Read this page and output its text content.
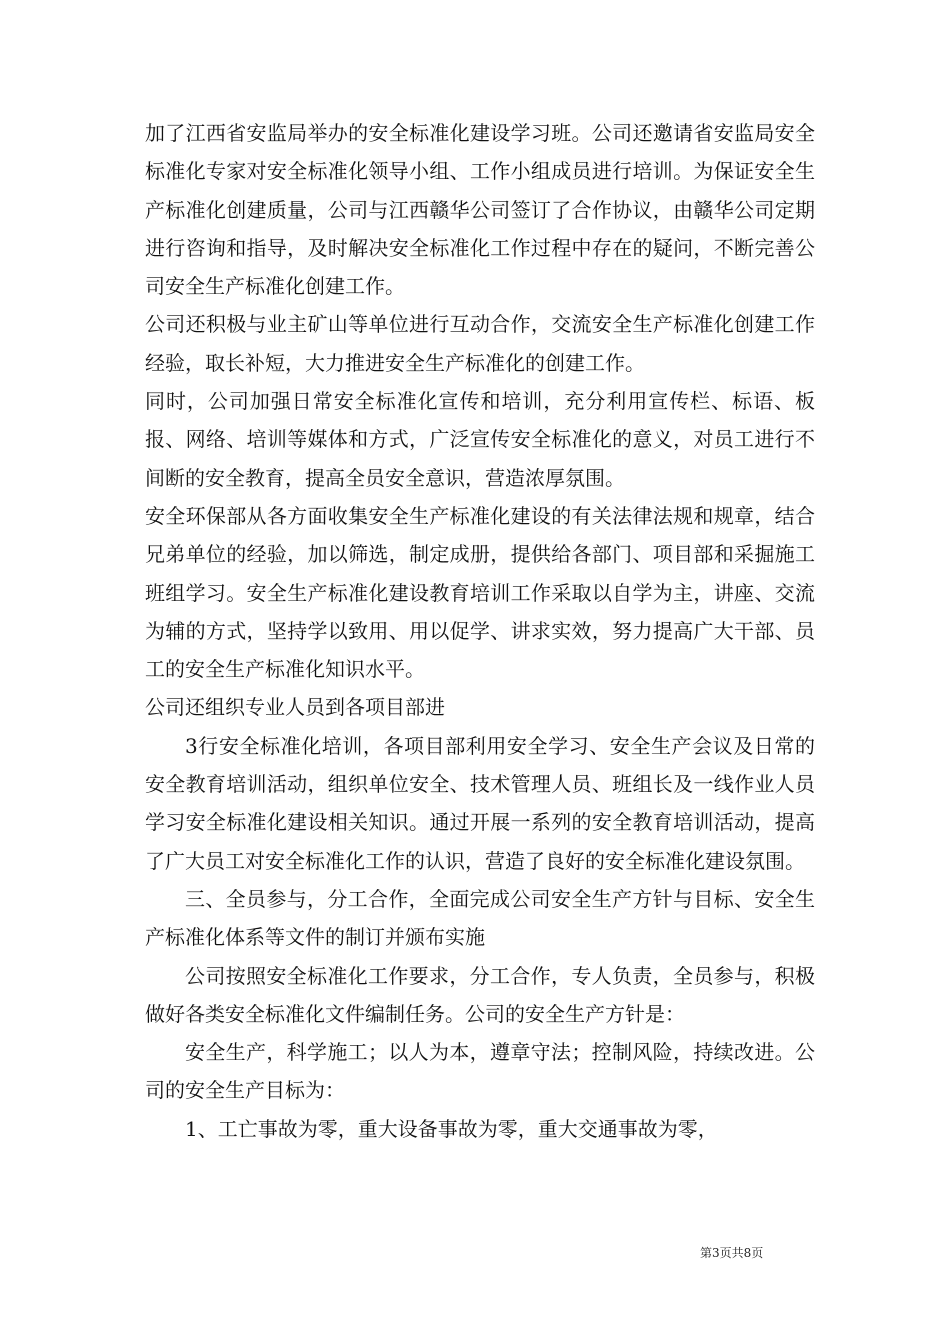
加了江西省安监局举办的安全标准化建设学习班。公司还邀请省安监局安全标准化专家对安全标准化领导小组、工作小组成员进行培训。为保证安全生产标准化创建质量，公司与江西赣华公司签订了合作协议，由赣华公司定期进行咨询和指导，及时解决安全标准化工作过程中存在的疑问，不断完善公司安全生产标准化创建工作。

公司还积极与业主矿山等单位进行互动合作，交流安全生产标准化创建工作经验，取长补短，大力推进安全生产标准化的创建工作。

同时，公司加强日常安全标准化宣传和培训，充分利用宣传栏、标语、板报、网络、培训等媒体和方式，广泛宣传安全标准化的意义，对员工进行不间断的安全教育，提高全员安全意识，营造浓厚氛围。

安全环保部从各方面收集安全生产标准化建设的有关法律法规和规章，结合兄弟单位的经验，加以筛选，制定成册，提供给各部门、项目部和采掘施工班组学习。安全生产标准化建设教育培训工作采取以自学为主，讲座、交流为辅的方式，坚持学以致用、用以促学、讲求实效，努力提高广大干部、员工的安全生产标准化知识水平。

公司还组织专业人员到各项目部进

3行安全标准化培训，各项目部利用安全学习、安全生产会议及日常的安全教育培训活动，组织单位安全、技术管理人员、班组长及一线作业人员学习安全标准化建设相关知识。通过开展一系列的安全教育培训活动，提高了广大员工对安全标准化工作的认识，营造了良好的安全标准化建设氛围。

三、全员参与，分工合作，全面完成公司安全生产方针与目标、安全生产标准化体系等文件的制订并颁布实施

公司按照安全标准化工作要求，分工合作，专人负责，全员参与，积极做好各类安全标准化文件编制任务。公司的安全生产方针是：

安全生产，科学施工；以人为本，遵章守法；控制风险，持续改进。公司的安全生产目标为：

1、工亡事故为零，重大设备事故为零，重大交通事故为零，

第3页共8页
